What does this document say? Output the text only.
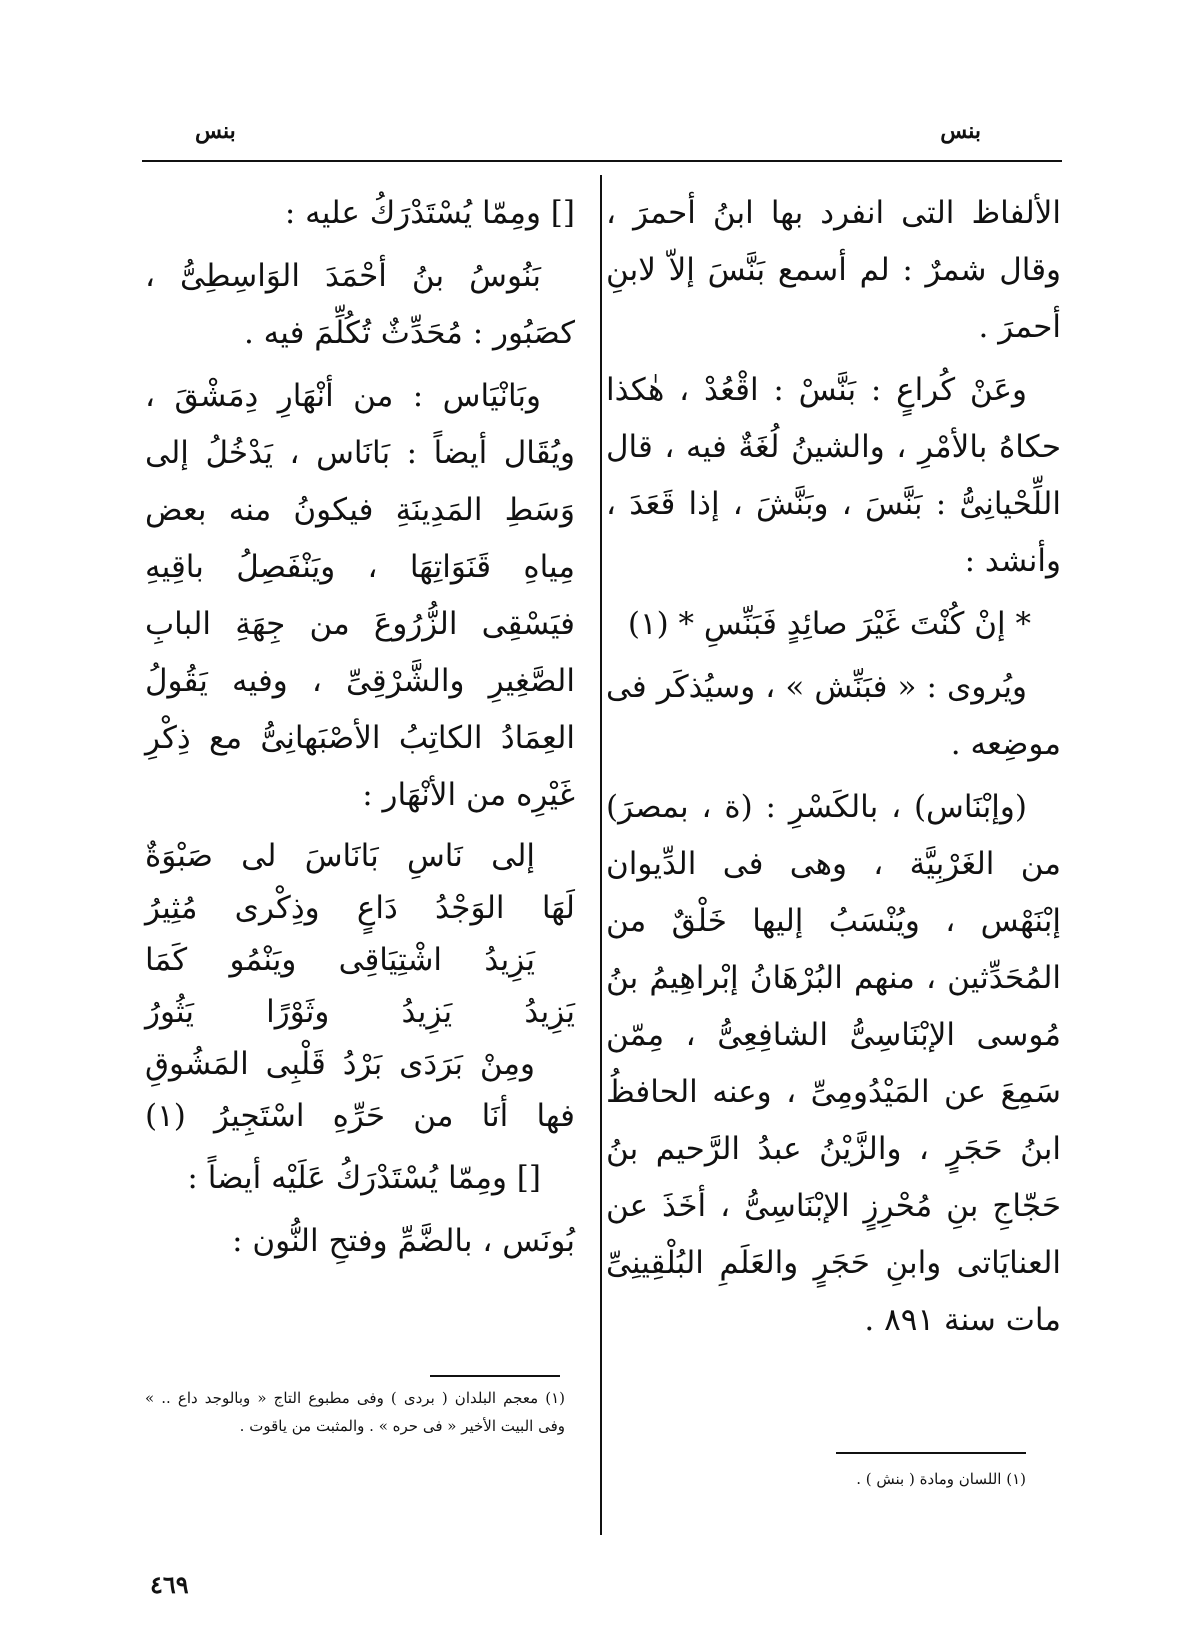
بنس
بنس

الألفاظ التى انفرد بها ابنُ أحمرَ ، وقال شمرٌ : لم أسمع بَنَّسَ إلاّ لابنِ أحمرَ .

وعَنْ كُراعٍ : بَنَّسْ : اقْعُدْ ، هٰكذا حكاهُ بالأمْرِ ، والشينُ لُغَةٌ فيه ، قال اللِّحْيانِىُّ : بَنَّسَ ، وبَنَّشَ ، إذا قَعَدَ ، وأنشد :

* إنْ كُنْتَ غَيْرَ صائِدٍ فَبَنِّسِ * (١)

ويُروى : « فبَنِّش » ، وسيُذكَر فى موضِعه .

(وإبْنَاس) ، بالكَسْرِ : (ة ، بمصرَ) من الغَرْبِيَّة ، وهى فى الدِّيوان إبْنَهْس ، ويُنْسَبُ إليها خَلْقٌ من المُحَدِّثين ، منهم البُرْهَانُ إبْراهِيمُ بنُ مُوسى الإبْنَاسِىُّ الشافِعِىُّ ، مِمّن سَمِعَ عن المَيْدُومِىِّ ، وعنه الحافظُ ابنُ حَجَرٍ ، والزَّيْنُ عبدُ الرَّحيم بنُ حَجّاجِ بنِ مُحْرِزٍ الإبْنَاسِىُّ ، أخَذَ عن العنايَاتى وابنِ حَجَرٍ والعَلَمِ البُلْقِينِىِّ مات سنة ٨٩١ .

[] ومِمّا يُسْتَدْرَكُ عليه :

بَنُوسُ بنُ أحْمَدَ الوَاسِطِىُّ ، كصَبُور : مُحَدِّثٌ تُكُلِّمَ فيه .

وبَانْيَاس : من أنْهَارِ دِمَشْقَ ، ويُقَال أيضاً : بَانَاس ، يَدْخُلُ إلى وَسَطِ المَدِينَةِ فيكونُ منه بعض مِياهِ قَنَوَاتِهَا ، ويَنْفَصِلُ باقِيهِ فيَسْقِى الزُّرُوعَ من جِهَةِ البابِ الصَّغِيرِ والشَّرْقِىِّ ، وفيه يَقُولُ العِمَادُ الكاتِبُ الأصْبَهانِىُّ مع ذِكْرِ غَيْرِه من الأنْهَار :

إلى نَاسِ بَانَاسَ لى صَبْوَةٌ
لَهَا الوَجْدُ دَاعٍ وذِكْرى مُثِيرُ
يَزِيدُ اشْتِيَاقِى ويَنْمُو كَمَا
يَزِيدُ يَزِيدُ وثَوْرًا يَثُورُ
ومِنْ بَرَدَى بَرْدُ قَلْبِى المَشُوقِ
فها أنَا من حَرِّهِ اسْتَجِيرُ (١)

[] ومِمّا يُسْتَدْرَكُ عَلَيْه أيضاً :

بُونَس ، بالضَّمِّ وفتحِ النُّون :

(١) اللسان ومادة ( بنش ) .
(١) معجم البلدان ( بردى ) وفى مطبوع التاج « وبالوجد داع .. » وفى البيت الأخير « فى حره » . والمثبت من ياقوت .
٤٦٩
